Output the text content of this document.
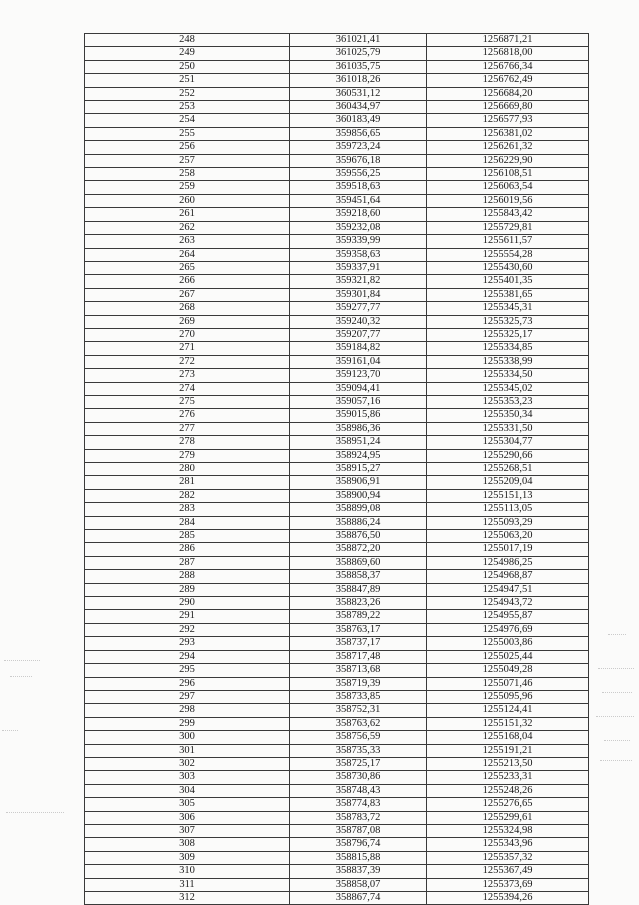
248	361021,41	1256871,21
249	361025,79	1256818,00
250	361035,75	1256766,34
251	361018,26	1256762,49
252	360531,12	1256684,20
253	360434,97	1256669,80
254	360183,49	1256577,93
255	359856,65	1256381,02
256	359723,24	1256261,32
257	359676,18	1256229,90
258	359556,25	1256108,51
259	359518,63	1256063,54
260	359451,64	1256019,56
261	359218,60	1255843,42
262	359232,08	1255729,81
263	359339,99	1255611,57
264	359358,63	1255554,28
265	359337,91	1255430,60
266	359321,82	1255401,35
267	359301,84	1255381,65
268	359277,77	1255345,31
269	359240,32	1255325,73
270	359207,77	1255325,17
271	359184,82	1255334,85
272	359161,04	1255338,99
273	359123,70	1255334,50
274	359094,41	1255345,02
275	359057,16	1255353,23
276	359015,86	1255350,34
277	358986,36	1255331,50
278	358951,24	1255304,77
279	358924,95	1255290,66
280	358915,27	1255268,51
281	358906,91	1255209,04
282	358900,94	1255151,13
283	358899,08	1255113,05
284	358886,24	1255093,29
285	358876,50	1255063,20
286	358872,20	1255017,19
287	358869,60	1254986,25
288	358858,37	1254968,87
289	358847,89	1254947,51
290	358823,26	1254943,72
291	358789,22	1254955,87
292	358763,17	1254976,69
293	358737,17	1255003,86
294	358717,48	1255025,44
295	358713,68	1255049,28
296	358719,39	1255071,46
297	358733,85	1255095,96
298	358752,31	1255124,41
299	358763,62	1255151,32
300	358756,59	1255168,04
301	358735,33	1255191,21
302	358725,17	1255213,50
303	358730,86	1255233,31
304	358748,43	1255248,26
305	358774,83	1255276,65
306	358783,72	1255299,61
307	358787,08	1255324,98
308	358796,74	1255343,96
309	358815,88	1255357,32
310	358837,39	1255367,49
311	358858,07	1255373,69
312	358867,74	1255394,26
